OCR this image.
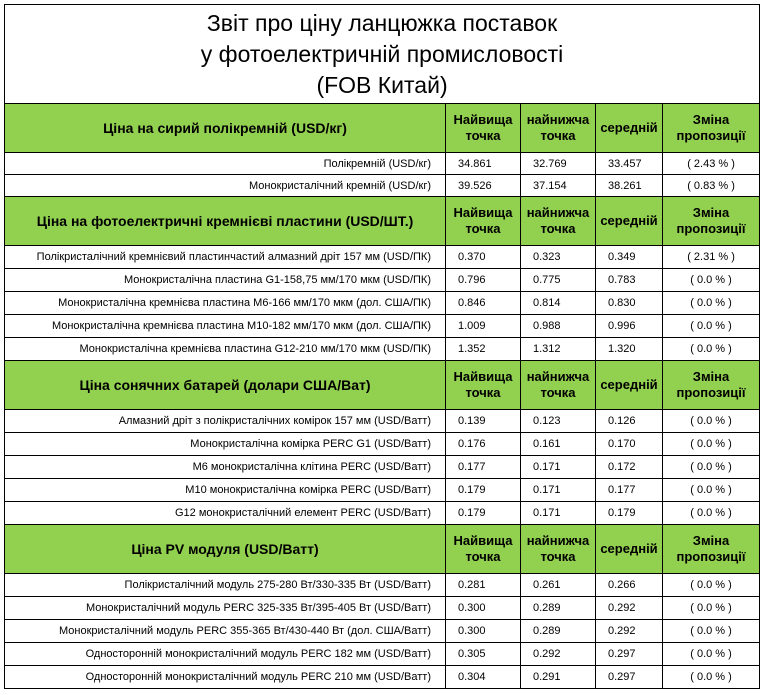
Звіт про ціну ланцюжка поставок
у фотоелектричній промисловості
(FOB Китай)				

Ціна на сирий полікремній (USD/кг)	Найвища точка	найнижча точка	середній	Зміна пропозиції
Полікремній (USD/кг)	34.861	32.769	33.457	( 2.43 % )
Монокристалічний кремній (USD/кг)	39.526	37.154	38.261	( 0.83 % )
Ціна на фотоелектричні кремнієві пластини (USD/ШТ.)	Найвища точка	найнижча точка	середній	Зміна пропозиції
Полікристалічний кремнієвий пластинчастий алмазний дріт 157 мм (USD/ПК)	0.370	0.323	0.349	( 2.31 % )
Монокристалічна пластина G1-158,75 мм/170 мкм (USD/ПК)	0.796	0.775	0.783	( 0.0 % )
Монокристалічна кремнієва пластина M6-166 мм/170 мкм (дол. США/ПК)	0.846	0.814	0.830	( 0.0 % )
Монокристалічна кремнієва пластина M10-182 мм/170 мкм (дол. США/ПК)	1.009	0.988	0.996	( 0.0 % )
Монокристалічна кремнієва пластина G12-210 мм/170 мкм (USD/ПК)	1.352	1.312	1.320	( 0.0 % )
Ціна сонячних батарей (долари США/Ват)	Найвища точка	найнижча точка	середній	Зміна пропозиції
Алмазний дріт з полікристалічних комірок 157 мм (USD/Ватт)	0.139	0.123	0.126	( 0.0 % )
Монокристалічна комірка PERC G1 (USD/Ватт)	0.176	0.161	0.170	( 0.0 % )
M6 монокристалічна клітина PERC (USD/Ватт)	0.177	0.171	0.172	( 0.0 % )
M10 монокристалічна комірка PERC (USD/Ватт)	0.179	0.171	0.177	( 0.0 % )
G12 монокристалічний елемент PERC (USD/Ватт)	0.179	0.171	0.179	( 0.0 % )
Ціна PV модуля (USD/Ватт)	Найвища точка	найнижча точка	середній	Зміна пропозиції
Полікристалічний модуль 275-280 Вт/330-335 Вт (USD/Ватт)	0.281	0.261	0.266	( 0.0 % )
Монокристалічний модуль PERC 325-335 Вт/395-405 Вт (USD/Ватт)	0.300	0.289	0.292	( 0.0 % )
Монокристалічний модуль PERC 355-365 Вт/430-440 Вт (дол. США/Ватт)	0.300	0.289	0.292	( 0.0 % )
Односторонній монокристалічний модуль PERC 182 мм (USD/Ватт)	0.305	0.292	0.297	( 0.0 % )
Односторонній монокристалічний модуль PERC 210 мм (USD/Ватт)	0.304	0.291	0.297	( 0.0 % )
